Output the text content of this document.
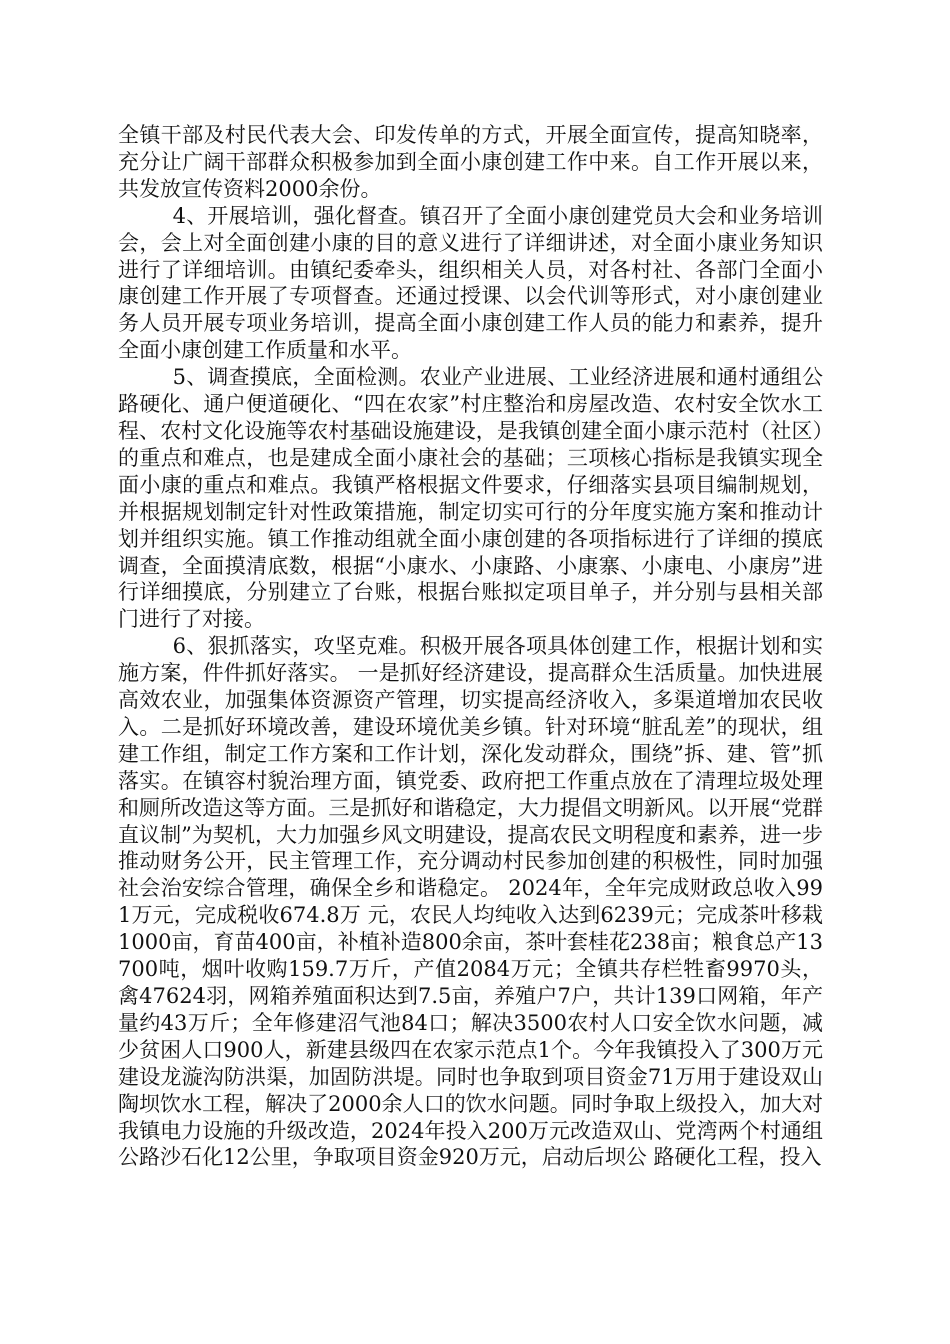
全镇干部及村民代表大会、印发传单的方式，开展全面宣传，提高知晓率，充分让广阔干部群众积极参加到全面小康创建工作中来。自工作开展以来，共发放宣传资料2000余份。

4、开展培训，强化督查。镇召开了全面小康创建党员大会和业务培训会，会上对全面创建小康的目的意义进行了详细讲述，对全面小康业务知识进行了详细培训。由镇纪委牵头，组织相关人员，对各村社、各部门全面小康创建工作开展了专项督查。还通过授课、以会代训等形式，对小康创建业务人员开展专项业务培训，提高全面小康创建工作人员的能力和素养，提升全面小康创建工作质量和水平。

5、调查摸底，全面检测。农业产业进展、工业经济进展和通村通组公路硬化、通户便道硬化、“四在农家”村庄整治和房屋改造、农村安全饮水工程、农村文化设施等农村基础设施建设，是我镇创建全面小康示范村（社区）的重点和难点，也是建成全面小康社会的基础；三项核心指标是我镇实现全面小康的重点和难点。我镇严格根据文件要求，仔细落实县项目编制规划，并根据规划制定针对性政策措施，制定切实可行的分年度实施方案和推动计划并组织实施。镇工作推动组就全面小康创建的各项指标进行了详细的摸底调查，全面摸清底数，根据“小康水、小康路、小康寨、小康电、小康房”进行详细摸底，分别建立了台账，根据台账拟定项目单子，并分别与县相关部门进行了对接。

6、狠抓落实，攻坚克难。积极开展各项具体创建工作，根据计划和实施方案，件件抓好落实。 一是抓好经济建设，提高群众生活质量。加快进展高效农业，加强集体资源资产管理，切实提高经济收入，多渠道增加农民收入。二是抓好环境改善，建设环境优美乡镇。针对环境“脏乱差”的现状，组建工作组，制定工作方案和工作计划，深化发动群众，围绕”拆、建、管”抓落实。在镇容村貌治理方面，镇党委、政府把工作重点放在了清理垃圾处理和厕所改造这等方面。三是抓好和谐稳定，大力提倡文明新风。以开展“党群直议制”为契机，大力加强乡风文明建设，提高农民文明程度和素养，进一步推动财务公开，民主管理工作，充分调动村民参加创建的积极性，同时加强社会治安综合管理，确保全乡和谐稳定。 2024年，全年完成财政总收入991万元，完成税收674.8万 元，农民人均纯收入达到6239元；完成茶叶移栽1000亩，育苗400亩，补植补造800余亩，茶叶套桂花238亩；粮食总产13700吨，烟叶收购159.7万斤，产值2084万元；全镇共存栏牲畜9970头，禽47624羽，网箱养殖面积达到7.5亩，养殖户7户，共计139口网箱，年产量约43万斤；全年修建沼气池84口；解决3500农村人口安全饮水问题，减少贫困人口900人，新建县级四在农家示范点1个。今年我镇投入了300万元建设龙漩沟防洪渠，加固防洪堤。同时也争取到项目资金71万用于建设双山陶坝饮水工程，解决了2000余人口的饮水问题。同时争取上级投入，加大对我镇电力设施的升级改造，2024年投入200万元改造双山、党湾两个村通组公路沙石化12公里，争取项目资金920万元，启动后坝公 路硬化工程，投入
